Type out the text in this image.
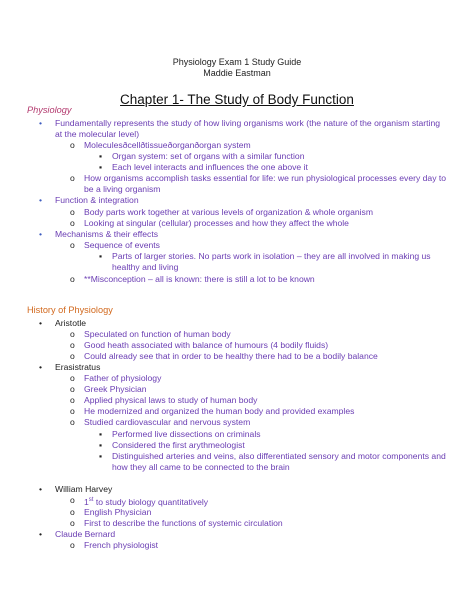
Physiology Exam 1 Study Guide
Maddie Eastman
Chapter 1- The Study of Body Function
Physiology
• Fundamentally represents the study of how living organisms work (the nature of the organism starting
at the molecular level)
o Moleculesðcellðtissueðorganðorgan system
▪ Organ system: set of organs with a similar function
▪ Each level interacts and influences the one above it
o How organisms accomplish tasks essential for life: we run physiological processes every day to
be a living organism
• Function & integration
o Body parts work together at various levels of organization & whole organism
o Looking at singular (cellular) processes and how they affect the whole
• Mechanisms & their effects
o Sequence of events
▪ Parts of larger stories. No parts work in isolation – they are all involved in making us
healthy and living
o **Misconception – all is known: there is still a lot to be known
History of Physiology
• Aristotle
o Speculated on function of human body
o Good heath associated with balance of humours (4 bodily fluids)
o Could already see that in order to be healthy there had to be a bodily balance
• Erasistratus
o Father of physiology
o Greek Physician
o Applied physical laws to study of human body
o He modernized and organized the human body and provided examples
o Studied cardiovascular and nervous system
▪ Performed live dissections on criminals
▪ Considered the first arythmeologist
▪ Distinguished arteries and veins, also differentiated sensory and motor components and
how they all came to be connected to the brain
• William Harvey
o 1st to study biology quantitatively
o English Physician
o First to describe the functions of systemic circulation
• Claude Bernard
o French physiologist
